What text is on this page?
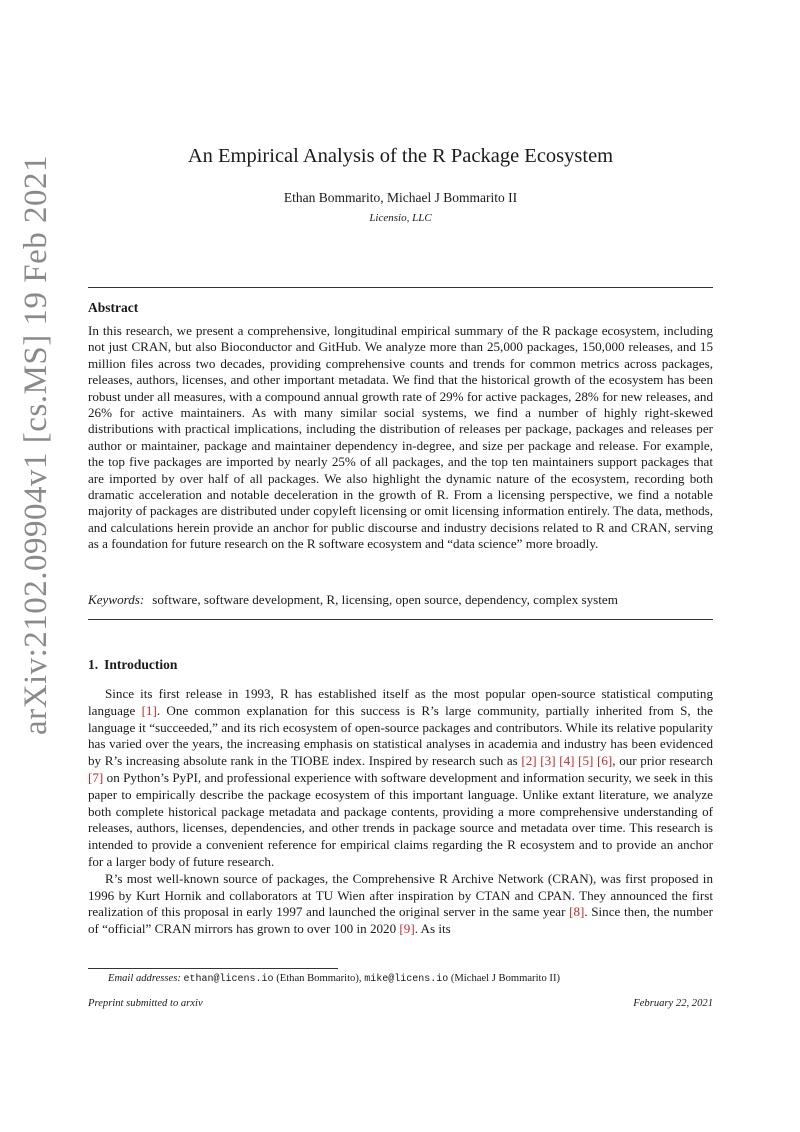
arXiv:2102.09904v1 [cs.MS] 19 Feb 2021	An Empirical Analysis of the R Package Ecosystem
Ethan Bommarito, Michael J Bommarito II
Licensio, LLC
Abstract
In this research, we present a comprehensive, longitudinal empirical summary of the R package ecosystem, including not just CRAN, but also Bioconductor and GitHub. We analyze more than 25,000 packages, 150,000 releases, and 15 million files across two decades, providing comprehensive counts and trends for common metrics across packages, releases, authors, licenses, and other important metadata. We find that the historical growth of the ecosystem has been robust under all measures, with a compound annual growth rate of 29% for active packages, 28% for new releases, and 26% for active maintainers. As with many similar social systems, we find a number of highly right-skewed distributions with practical implications, including the distribution of releases per package, packages and releases per author or maintainer, package and maintainer dependency in-degree, and size per package and release. For example, the top five packages are imported by nearly 25% of all packages, and the top ten maintainers support packages that are imported by over half of all packages. We also highlight the dynamic nature of the ecosystem, recording both dramatic acceleration and notable deceleration in the growth of R. From a licensing perspective, we find a notable majority of packages are distributed under copyleft licensing or omit licensing information entirely. The data, methods, and calculations herein provide an anchor for public discourse and industry decisions related to R and CRAN, serving as a foundation for future research on the R software ecosystem and “data science” more broadly.
Keywords: software, software development, R, licensing, open source, dependency, complex system
1. Introduction

Since its first release in 1993, R has established itself as the most popular open-source statistical computing language [1]. One common explanation for this success is R’s large community, partially inherited from S, the language it “succeeded,” and its rich ecosystem of open-source packages and contributors. While its relative popularity has varied over the years, the increasing emphasis on statistical analyses in academia and industry has been evidenced by R’s increasing absolute rank in the TIOBE index. Inspired by research such as [2] [3] [4] [5] [6], our prior research [7] on Python’s PyPI, and professional experience with software development and information security, we seek in this paper to empirically describe the package ecosystem of this important language. Unlike extant literature, we analyze both complete historical package metadata and package contents, providing a more comprehensive understanding of releases, authors, licenses, dependencies, and other trends in package source and metadata over time. This research is intended to provide a convenient reference for empirical claims regarding the R ecosystem and to provide an anchor for a larger body of future research.

R’s most well-known source of packages, the Comprehensive R Archive Network (CRAN), was first proposed in 1996 by Kurt Hornik and collaborators at TU Wien after inspiration by CTAN and CPAN. They announced the first realization of this proposal in early 1997 and launched the original server in the same year [8]. Since then, the number of “official” CRAN mirrors has grown to over 100 in 2020 [9]. As its

Email addresses: ethan@licens.io (Ethan Bommarito), mike@licens.io (Michael J Bommarito II)
Preprint submitted to arxiv	February 22, 2021
